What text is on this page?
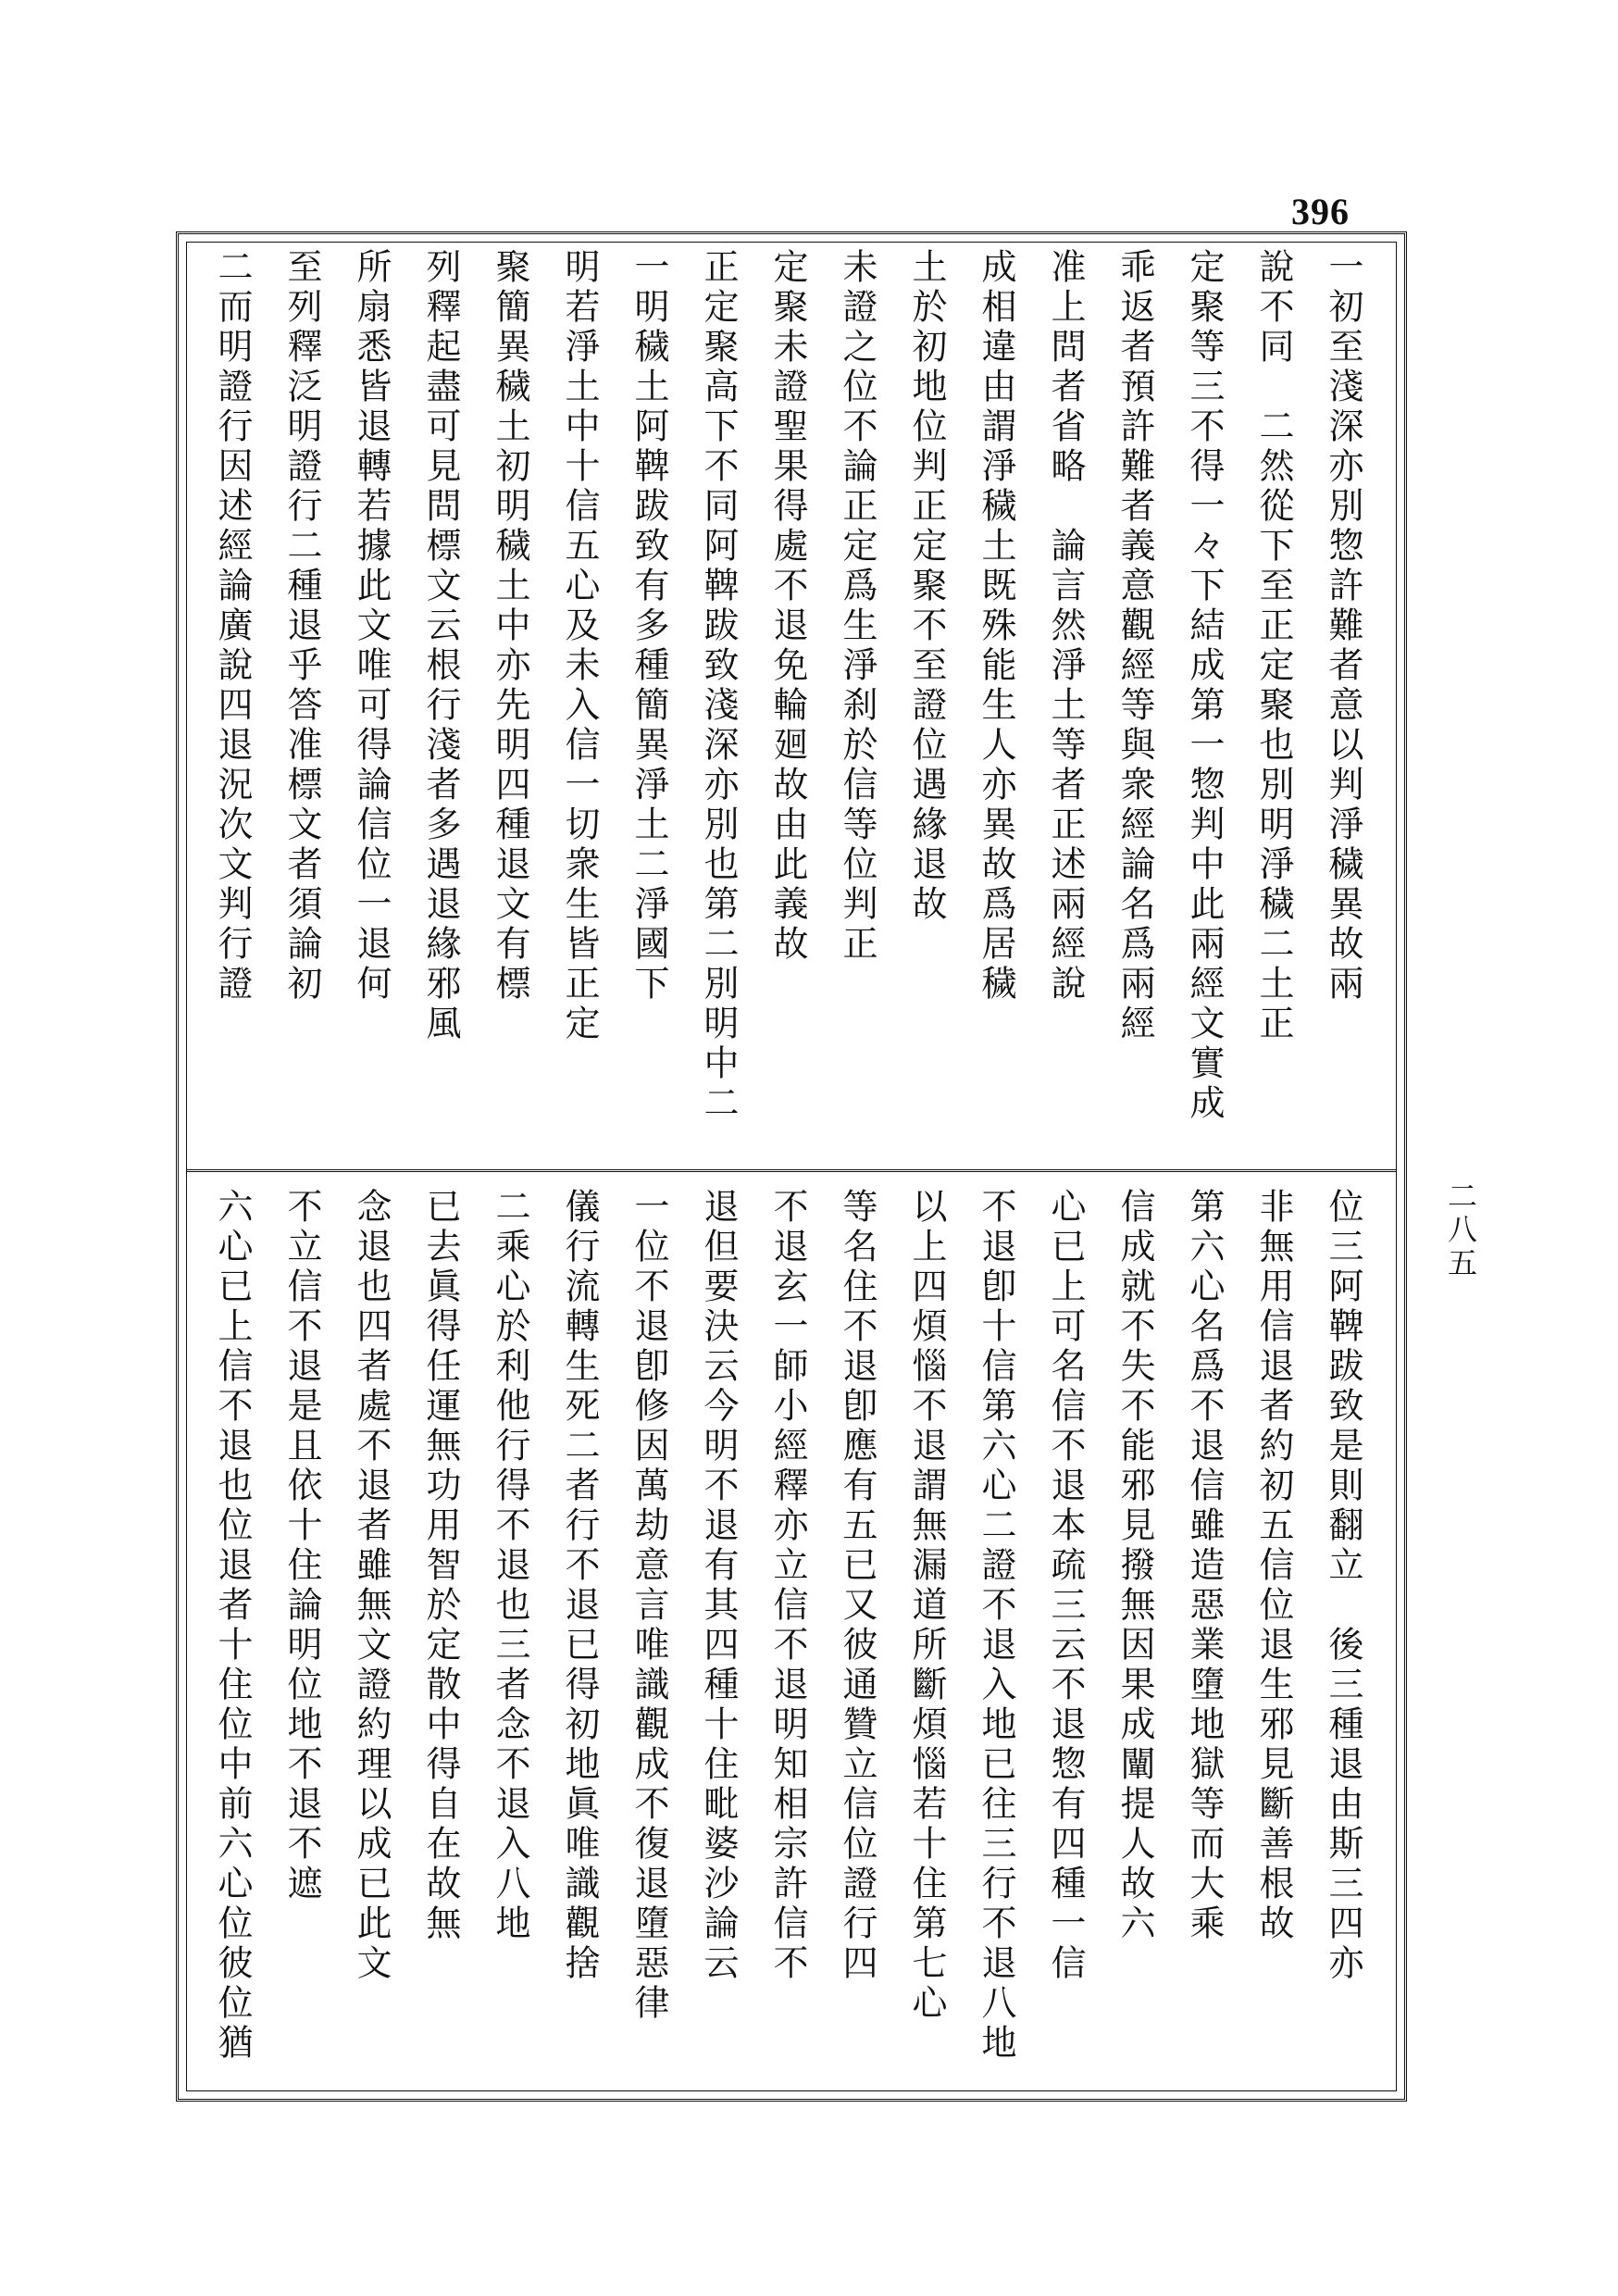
396
二八五
一初至淺深亦別惣許難者意以判淨穢異故兩
說不同　二然從下至正定聚也別明淨穢二土正
定聚等三不得一々下結成第一惣判中此兩經文實成
乖返者預許難者義意觀經等與衆經論名爲兩經
准上問者省略　論言然淨土等者正述兩經說
成相違由謂淨穢土既殊能生人亦異故爲居穢
土於初地位判正定聚不至證位遇緣退故
未證之位不論正定爲生淨刹於信等位判正
定聚未證聖果得處不退免輪廻故由此義故
正定聚高下不同阿鞞跋致淺深亦別也第二別明中二
一明穢土阿鞞跋致有多種簡異淨土二淨國下
明若淨土中十信五心及未入信一切衆生皆正定
聚簡異穢土初明穢土中亦先明四種退文有標
列釋起盡可見問標文云根行淺者多遇退緣邪風
所扇悉皆退轉若據此文唯可得論信位一退何
至列釋泛明證行二種退乎答准標文者須論初
二而明證行因述經論廣說四退況次文判行證
位三阿鞞跋致是則翻立　後三種退由斯三四亦
非無用信退者約初五信位退生邪見斷善根故
第六心名爲不退信雖造惡業墮地獄等而大乘
信成就不失不能邪見撥無因果成闡提人故六
心已上可名信不退本疏三云不退惣有四種一信
不退卽十信第六心二證不退入地已往三行不退八地
以上四煩惱不退謂無漏道所斷煩惱若十住第七心
等名住不退卽應有五已又彼通贊立信位證行四
不退玄一師小經釋亦立信不退明知相宗許信不
退但要決云今明不退有其四種十住毗婆沙論云
一位不退卽修因萬劫意言唯識觀成不復退墮惡律
儀行流轉生死二者行不退已得初地眞唯識觀捨
二乘心於利他行得不退也三者念不退入八地
已去眞得任運無功用智於定散中得自在故無
念退也四者處不退者雖無文證約理以成已此文
不立信不退是且依十住論明位地不退不遮
六心已上信不退也位退者十住位中前六心位彼位猶
